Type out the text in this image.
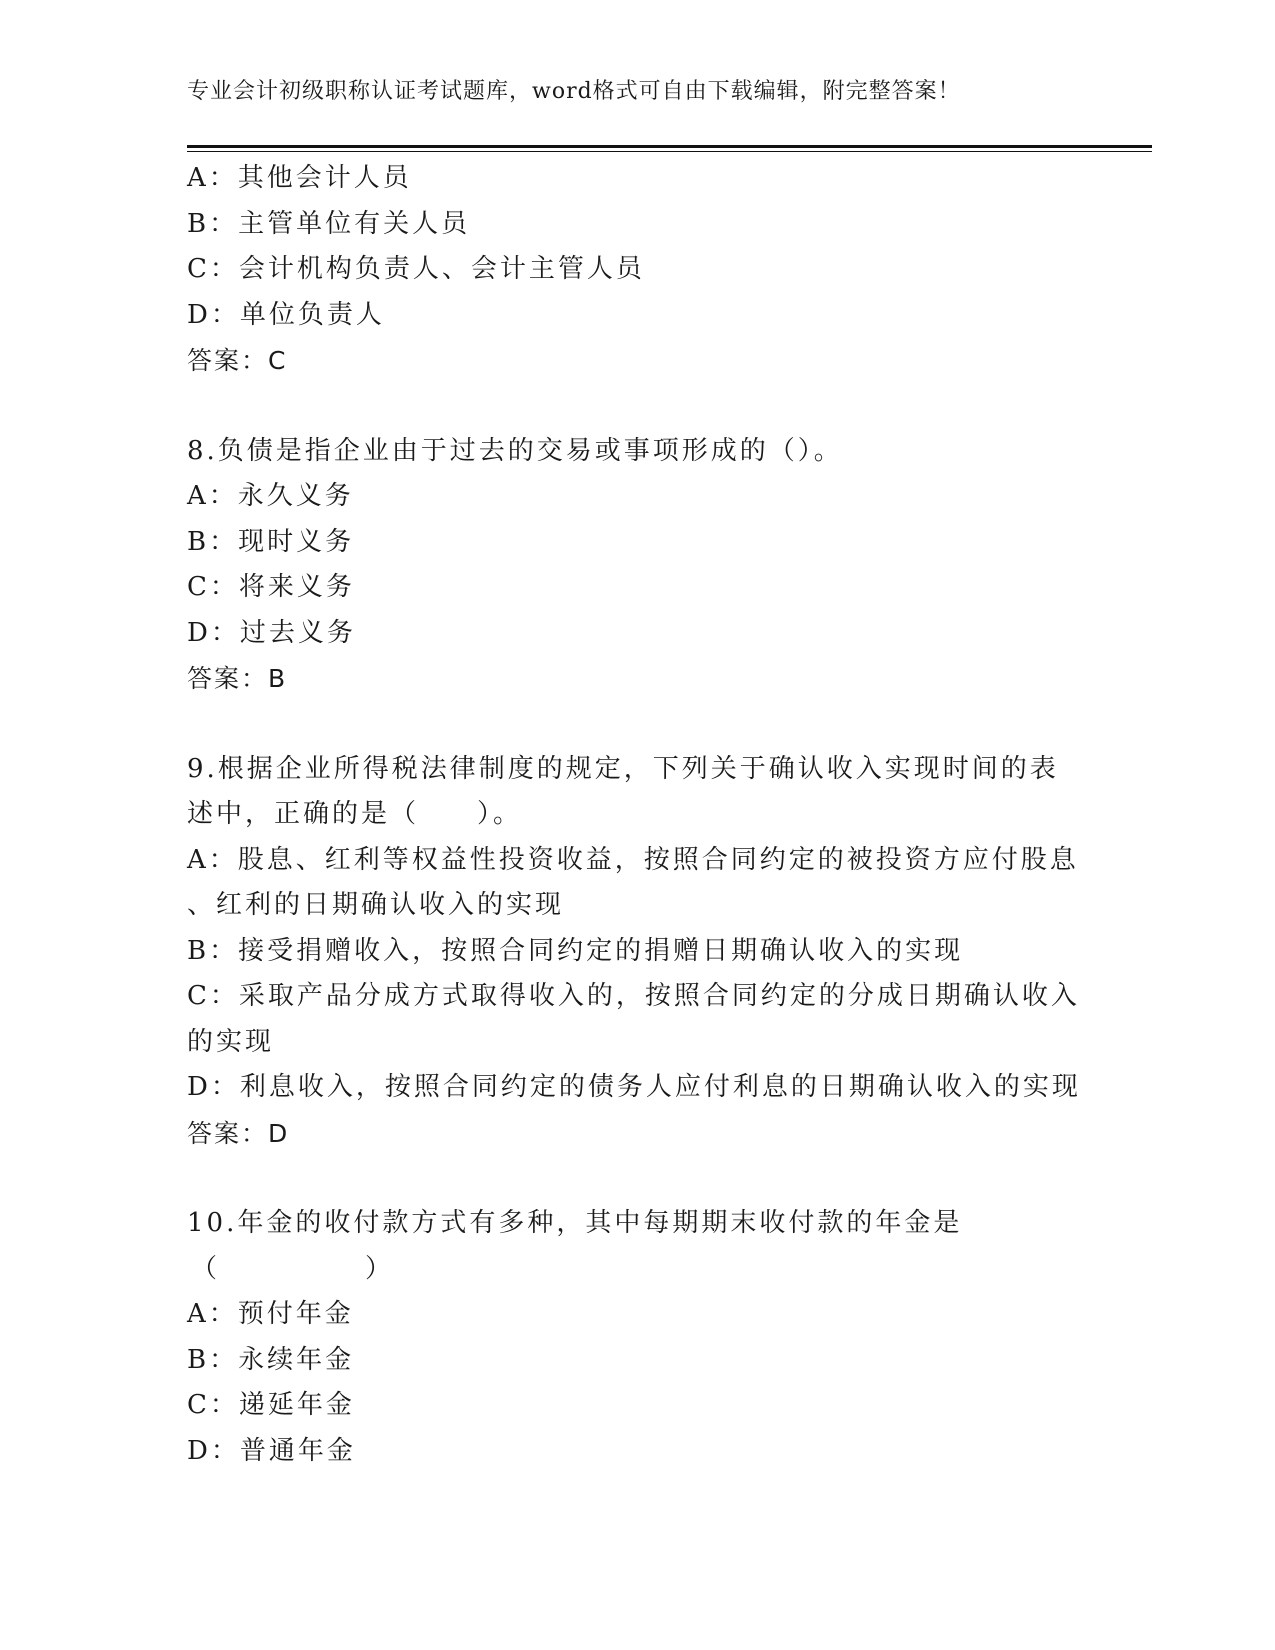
专业会计初级职称认证考试题库，word格式可自由下载编辑，附完整答案！
A：其他会计人员
B：主管单位有关人员
C：会计机构负责人、会计主管人员
D：单位负责人
答案：C
8.负债是指企业由于过去的交易或事项形成的（）。
A：永久义务
B：现时义务
C：将来义务
D：过去义务
答案：B
9.根据企业所得税法律制度的规定，下列关于确认收入实现时间的表
述中，正确的是（　　）。
A：股息、红利等权益性投资收益，按照合同约定的被投资方应付股息
、红利的日期确认收入的实现
B：接受捐赠收入，按照合同约定的捐赠日期确认收入的实现
C：采取产品分成方式取得收入的，按照合同约定的分成日期确认收入
的实现
D：利息收入，按照合同约定的债务人应付利息的日期确认收入的实现
答案：D
10.年金的收付款方式有多种，其中每期期末收付款的年金是
（　　　　　）
A：预付年金
B：永续年金
C：递延年金
D：普通年金
